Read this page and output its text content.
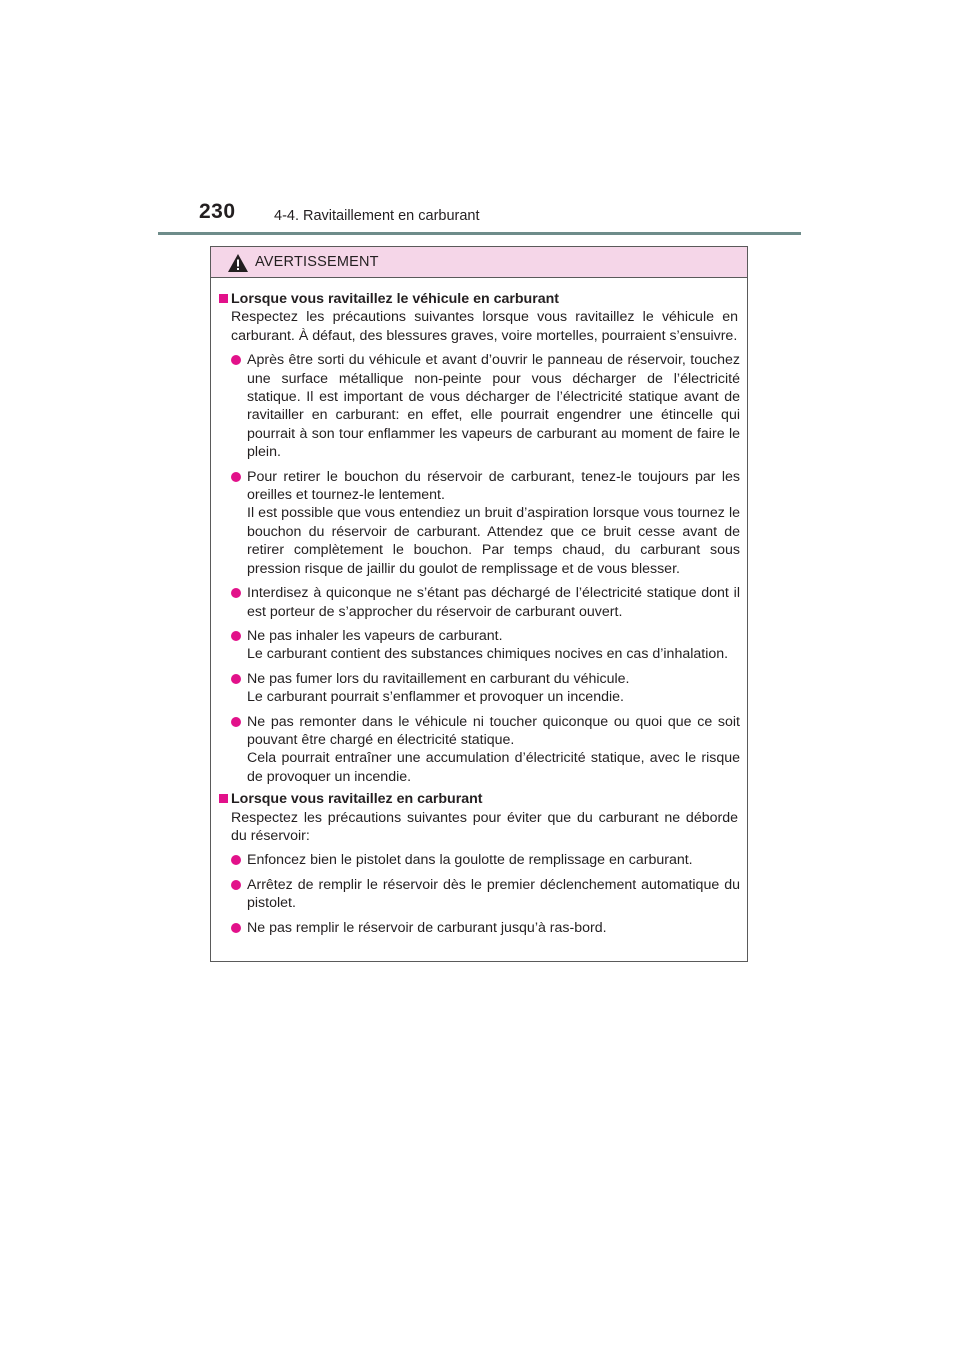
230	4-4. Ravitaillement en carburant
AVERTISSEMENT
Lorsque vous ravitaillez le véhicule en carburant
Respectez les précautions suivantes lorsque vous ravitaillez le véhicule en carburant. À défaut, des blessures graves, voire mortelles, pourraient s’ensuivre.

Après être sorti du véhicule et avant d’ouvrir le panneau de réservoir, touchez une surface métallique non-peinte pour vous décharger de l’électricité statique. Il est important de vous décharger de l’électricité statique avant de ravitailler en carburant: en effet, elle pourrait engendrer une étincelle qui pourrait à son tour enflammer les vapeurs de carburant au moment de faire le plein.

Pour retirer le bouchon du réservoir de carburant, tenez-le toujours par les oreilles et tournez-le lentement.

Il est possible que vous entendiez un bruit d’aspiration lorsque vous tournez le bouchon du réservoir de carburant. Attendez que ce bruit cesse avant de retirer complètement le bouchon. Par temps chaud, du carburant sous pression risque de jaillir du goulot de remplissage et de vous blesser.

Interdisez à quiconque ne s’étant pas déchargé de l’électricité statique dont il est porteur de s’approcher du réservoir de carburant ouvert.

Ne pas inhaler les vapeurs de carburant.

Le carburant contient des substances chimiques nocives en cas d’inhalation.

Ne pas fumer lors du ravitaillement en carburant du véhicule.

Le carburant pourrait s’enflammer et provoquer un incendie.

Ne pas remonter dans le véhicule ni toucher quiconque ou quoi que ce soit pouvant être chargé en électricité statique.

Cela pourrait entraîner une accumulation d’électricité statique, avec le risque de provoquer un incendie.

Lorsque vous ravitaillez en carburant
Respectez les précautions suivantes pour éviter que du carburant ne déborde du réservoir:

Enfoncez bien le pistolet dans la goulotte de remplissage en carburant.

Arrêtez de remplir le réservoir dès le premier déclenchement automatique du pistolet.

Ne pas remplir le réservoir de carburant jusqu’à ras-bord.
